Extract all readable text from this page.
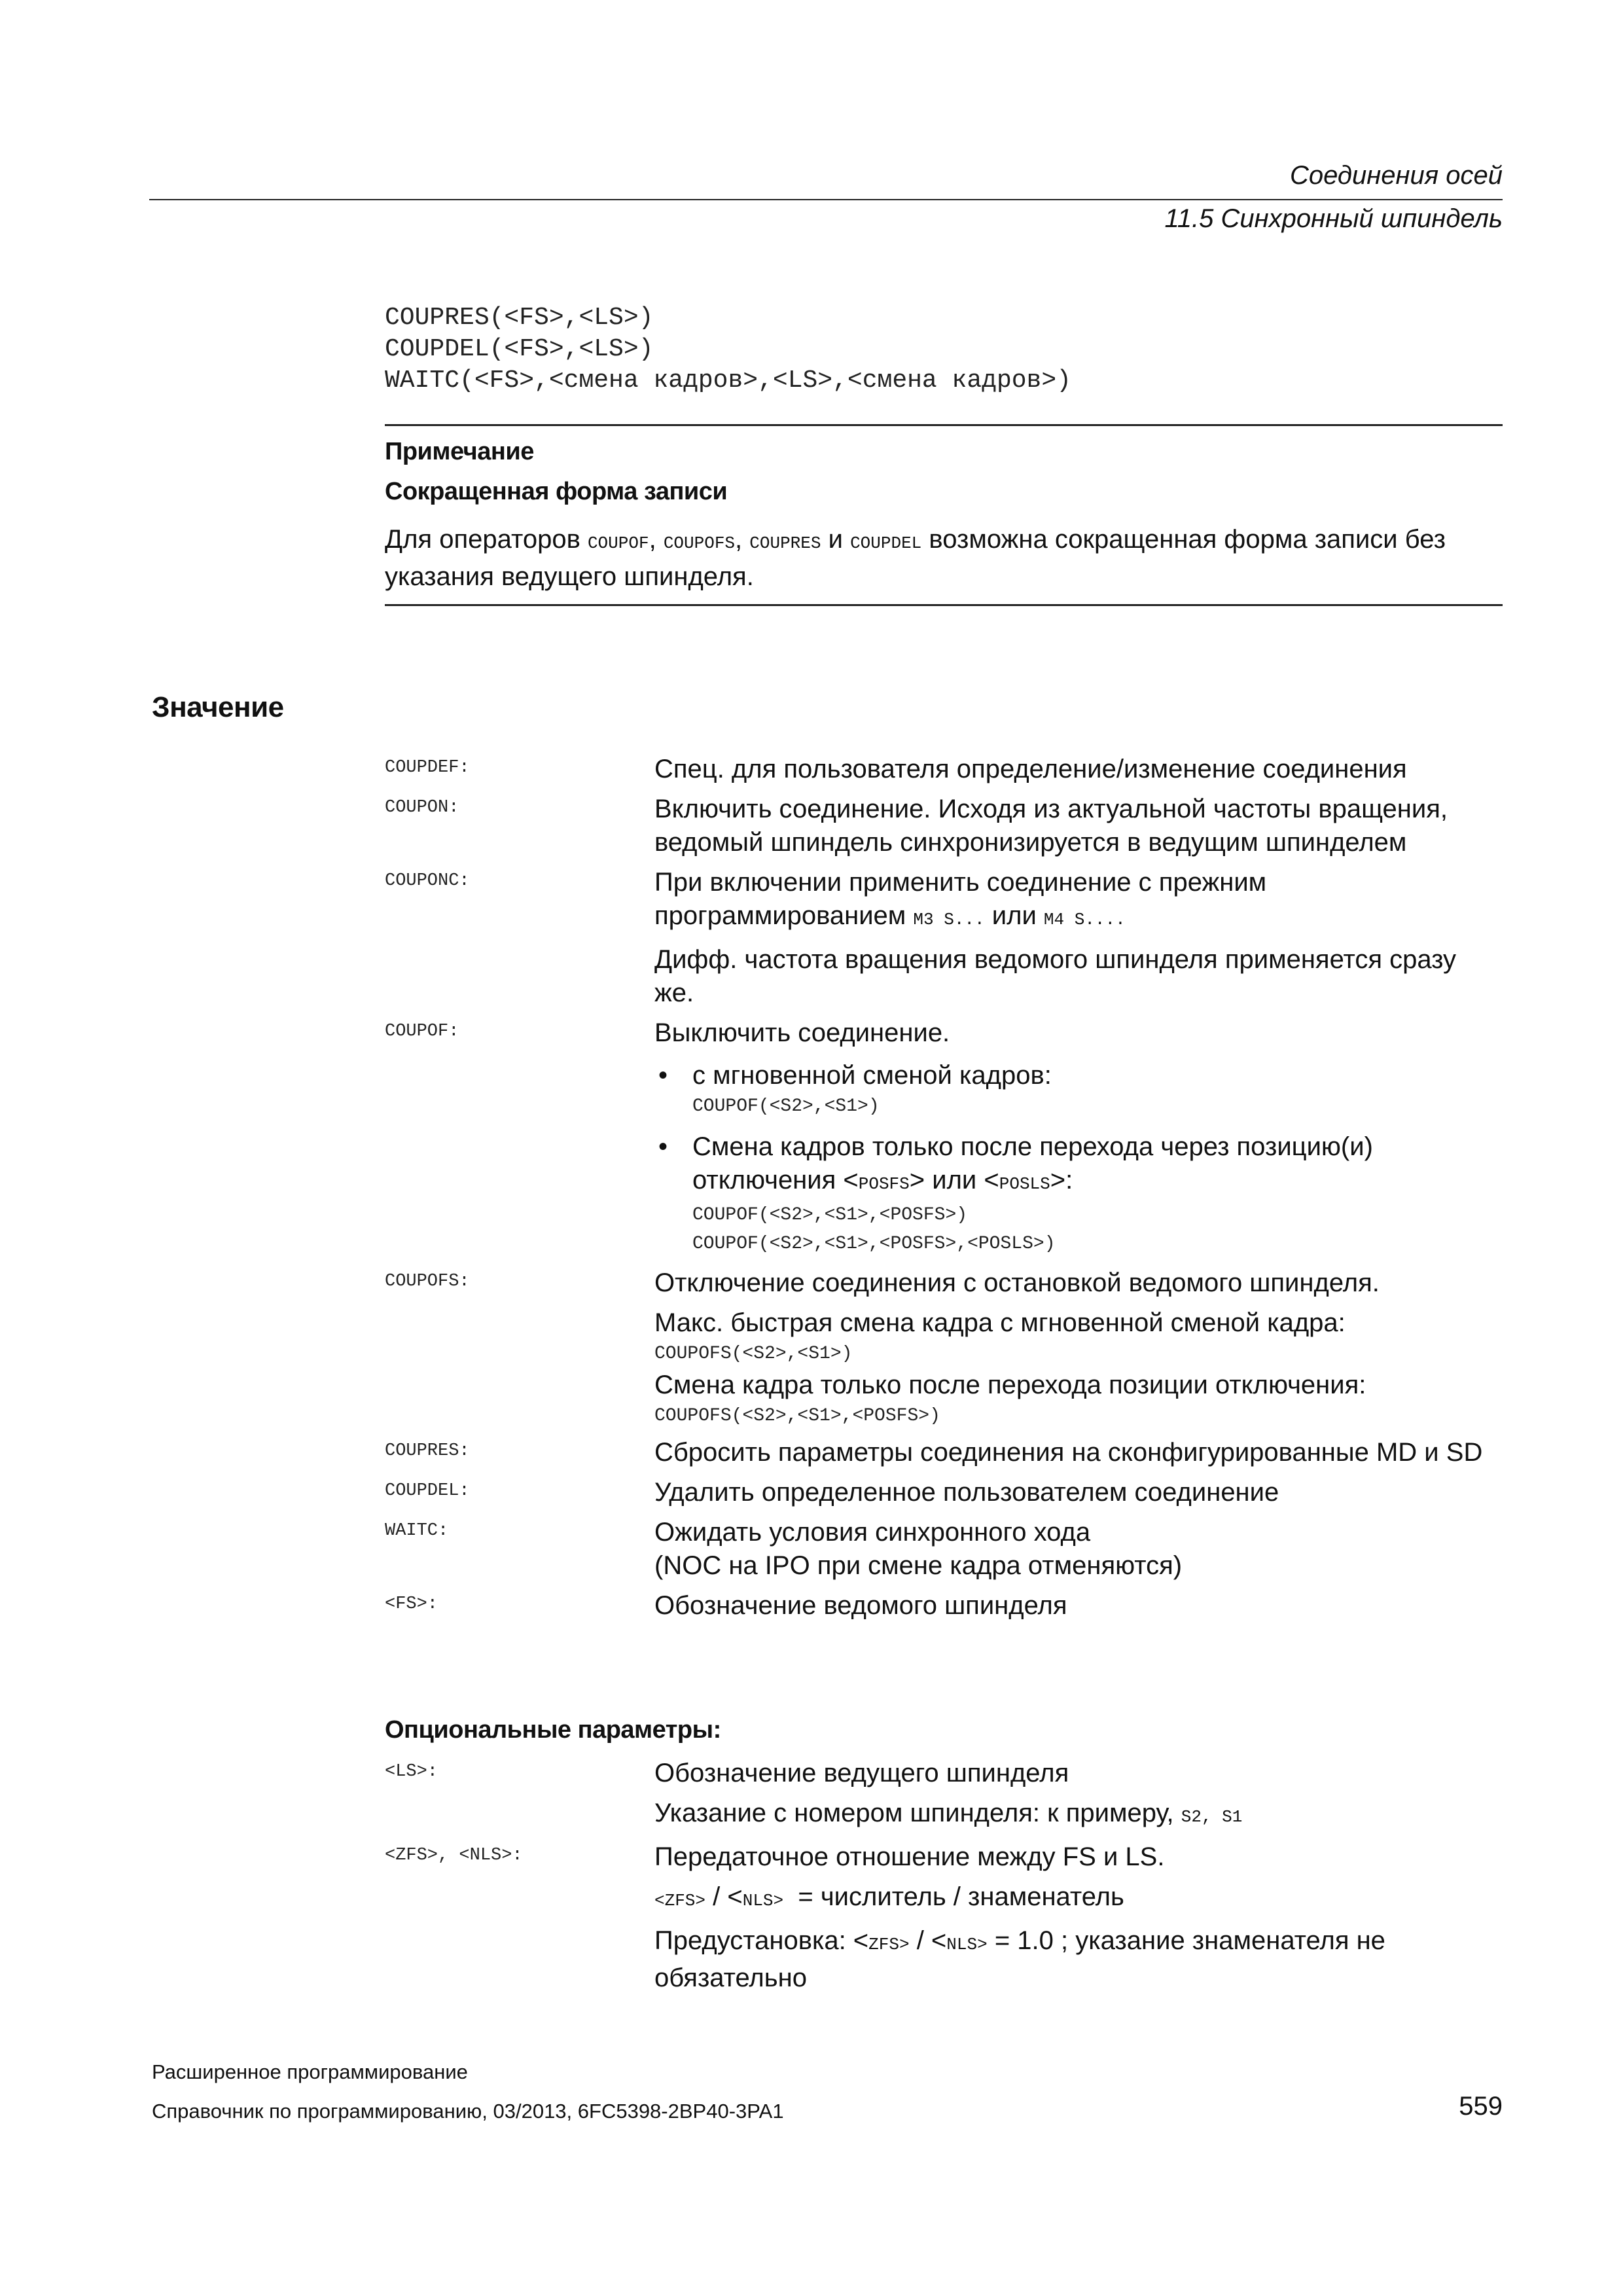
Соединения осей
11.5 Синхронный шпиндель
COUPRES(<FS>,<LS>)
COUPDEL(<FS>,<LS>)
WAITC(<FS>,<смена кадров>,<LS>,<смена кадров>)
Примечание
Сокращенная форма записи
Для операторов COUPOF, COUPOFS, COUPRES и COUPDEL возможна сокращенная форма записи без указания ведущего шпинделя.
Значение
COUPDEF:	Спец. для пользователя определение/изменение соединения

COUPON:	Включить соединение. Исходя из актуальной частоты вращения, ведомый шпиндель синхронизируется в ведущим шпинделем

COUPONC:	При включении применить соединение с прежним программированием M3 S... или M4 S....

Дифф. частота вращения ведомого шпинделя применяется сразу же.

COUPOF:	Выключить соединение.

• с мгновенной сменой кадров:

COUPOF(<S2>,<S1>)
• Смена кадров только после перехода через позицию(и) отключения <POSFS> или <POSLS>:

COUPOF(<S2>,<S1>,<POSFS>)
COUPOF(<S2>,<S1>,<POSFS>,<POSLS>)
COUPOFS:	Отключение соединения с остановкой ведомого шпинделя.

Макс. быстрая смена кадра с мгновенной сменой кадра:

COUPOFS(<S2>,<S1>)

Смена кадра только после перехода позиции отключения:

COUPOFS(<S2>,<S1>,<POSFS>)
COUPRES:	Сбросить параметры соединения на сконфигурированные MD и SD

COUPDEL:	Удалить определенное пользователем соединение

WAITC:	Ожидать условия синхронного хода

(NOC на IPO при смене кадра отменяются)

<FS>:	Обозначение ведомого шпинделя

Опциональные параметры:
<LS>:	Обозначение ведущего шпинделя

Указание с номером шпинделя: к примеру, S2, S1

<ZFS>, <NLS>:	Передаточное отношение между FS и LS.

<ZFS> / <NLS>  = числитель / знаменатель

Предустановка: <ZFS> / <NLS> = 1.0 ; указание знаменателя не обязательно

Расширенное программирование
Справочник по программированию, 03/2013, 6FC5398-2BP40-3PA1	559
